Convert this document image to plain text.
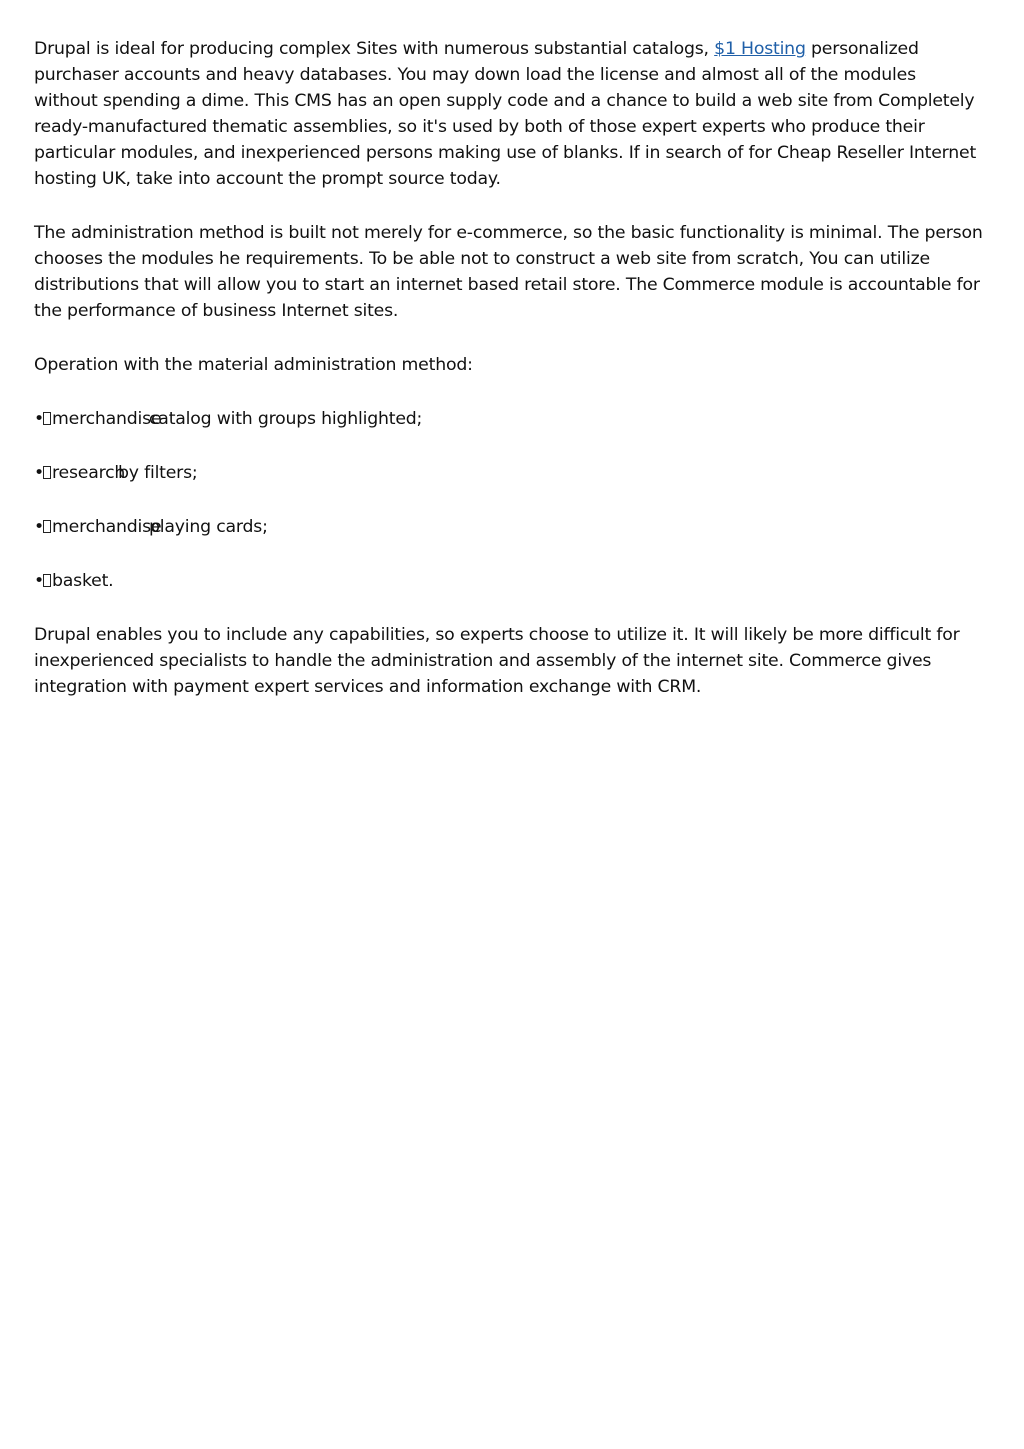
Drupal is ideal for producing complex Sites with numerous substantial catalogs, $1 Hosting personalized purchaser accounts and heavy databases. You may down load the license and almost all of the modules without spending a dime. This CMS has an open supply code and a chance to build a web site from Completely ready-manufactured thematic assemblies, so it's used by both of those expert experts who produce their particular modules, and inexperienced persons making use of blanks. If in search of for Cheap Reseller Internet hosting UK, take into account the prompt source today.

The administration method is built not merely for e-commerce, so the basic functionality is minimal. The person chooses the modules he requirements. To be able not to construct a web site from scratch, You can utilize distributions that will allow you to start an internet based retail store. The Commerce module is accountable for the performance of business Internet sites.

Operation with the material administration method:

• merchandisecatalog with groups highlighted;
• researchby filters;
• merchandiseplaying cards;
• basket.

Drupal enables you to include any capabilities, so experts choose to utilize it. It will likely be more difficult for inexperienced specialists to handle the administration and assembly of the internet site. Commerce gives integration with payment expert services and information exchange with CRM.
